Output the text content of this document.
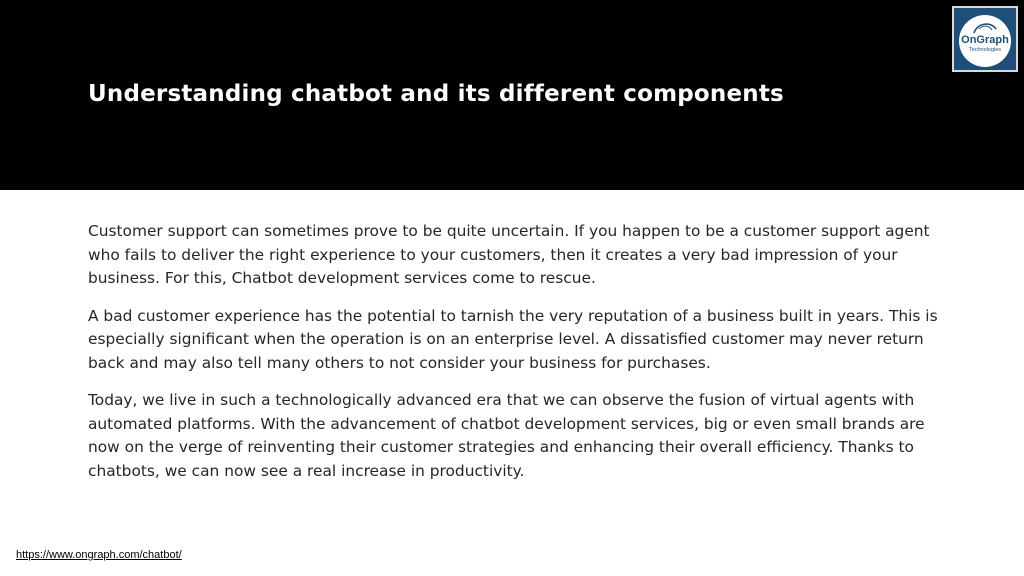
Understanding chatbot and its different components
OnGraph
Technologies

Customer support can sometimes prove to be quite uncertain. If you happen to be a customer support agent who fails to deliver the right experience to your customers, then it creates a very bad impression of your business. For this, Chatbot development services come to rescue.

A bad customer experience has the potential to tarnish the very reputation of a business built in years. This is especially significant when the operation is on an enterprise level. A dissatisfied customer may never return back and may also tell many others to not consider your business for purchases.

Today, we live in such a technologically advanced era that we can observe the fusion of virtual agents with automated platforms. With the advancement of chatbot development services, big or even small brands are now on the verge of reinventing their customer strategies and enhancing their overall efficiency. Thanks to chatbots, we can now see a real increase in productivity.

https://www.ongraph.com/chatbot/
